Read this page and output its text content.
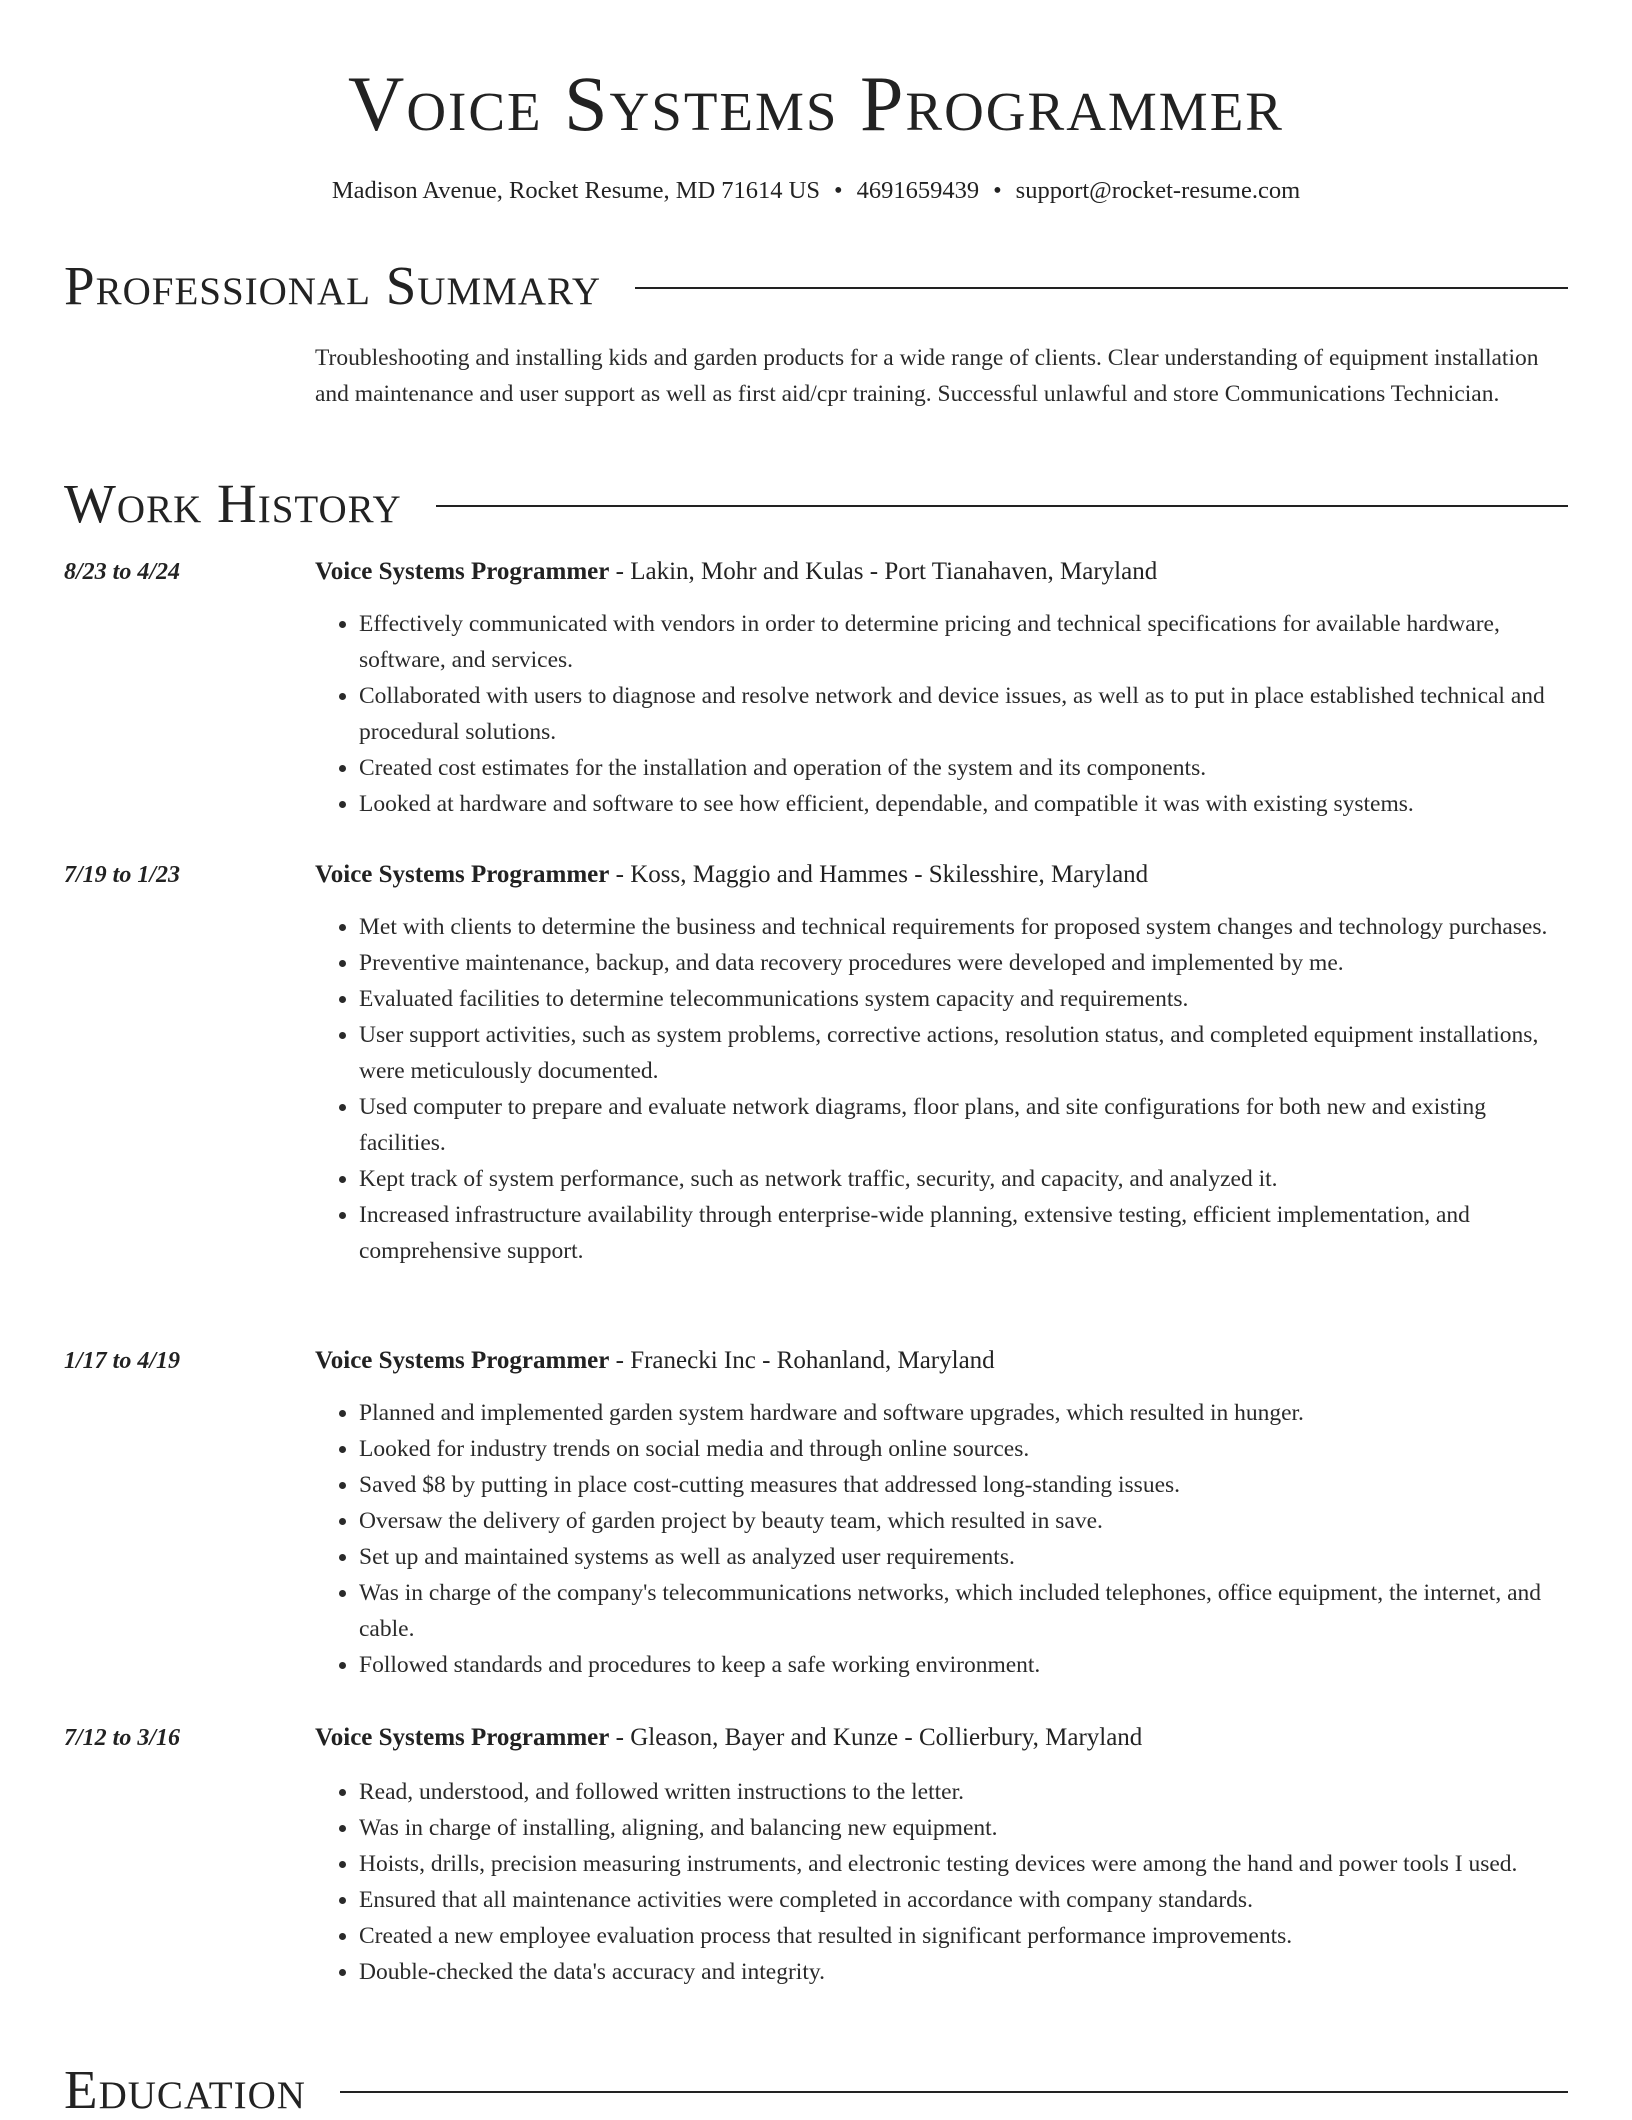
Voice Systems Programmer
Madison Avenue, Rocket Resume, MD 71614 US • 4691659439 • support@rocket-resume.com
Professional Summary
Troubleshooting and installing kids and garden products for a wide range of clients. Clear understanding of equipment installation and maintenance and user support as well as first aid/cpr training. Successful unlawful and store Communications Technician.
Work History
8/23 to 4/24	Voice Systems Programmer - Lakin, Mohr and Kulas - Port Tianahaven, Maryland
• Effectively communicated with vendors in order to determine pricing and technical specifications for available hardware, software, and services.
• Collaborated with users to diagnose and resolve network and device issues, as well as to put in place established technical and procedural solutions.
• Created cost estimates for the installation and operation of the system and its components.
• Looked at hardware and software to see how efficient, dependable, and compatible it was with existing systems.
7/19 to 1/23	Voice Systems Programmer - Koss, Maggio and Hammes - Skilesshire, Maryland
• Met with clients to determine the business and technical requirements for proposed system changes and technology purchases.
• Preventive maintenance, backup, and data recovery procedures were developed and implemented by me.
• Evaluated facilities to determine telecommunications system capacity and requirements.
• User support activities, such as system problems, corrective actions, resolution status, and completed equipment installations, were meticulously documented.
• Used computer to prepare and evaluate network diagrams, floor plans, and site configurations for both new and existing facilities.
• Kept track of system performance, such as network traffic, security, and capacity, and analyzed it.
• Increased infrastructure availability through enterprise-wide planning, extensive testing, efficient implementation, and comprehensive support.
1/17 to 4/19	Voice Systems Programmer - Franecki Inc - Rohanland, Maryland
• Planned and implemented garden system hardware and software upgrades, which resulted in hunger.
• Looked for industry trends on social media and through online sources.
• Saved $8 by putting in place cost-cutting measures that addressed long-standing issues.
• Oversaw the delivery of garden project by beauty team, which resulted in save.
• Set up and maintained systems as well as analyzed user requirements.
• Was in charge of the company's telecommunications networks, which included telephones, office equipment, the internet, and cable.
• Followed standards and procedures to keep a safe working environment.
7/12 to 3/16	Voice Systems Programmer - Gleason, Bayer and Kunze - Collierbury, Maryland
• Read, understood, and followed written instructions to the letter.
• Was in charge of installing, aligning, and balancing new equipment.
• Hoists, drills, precision measuring instruments, and electronic testing devices were among the hand and power tools I used.
• Ensured that all maintenance activities were completed in accordance with company standards.
• Created a new employee evaluation process that resulted in significant performance improvements.
• Double-checked the data's accuracy and integrity.
Education
